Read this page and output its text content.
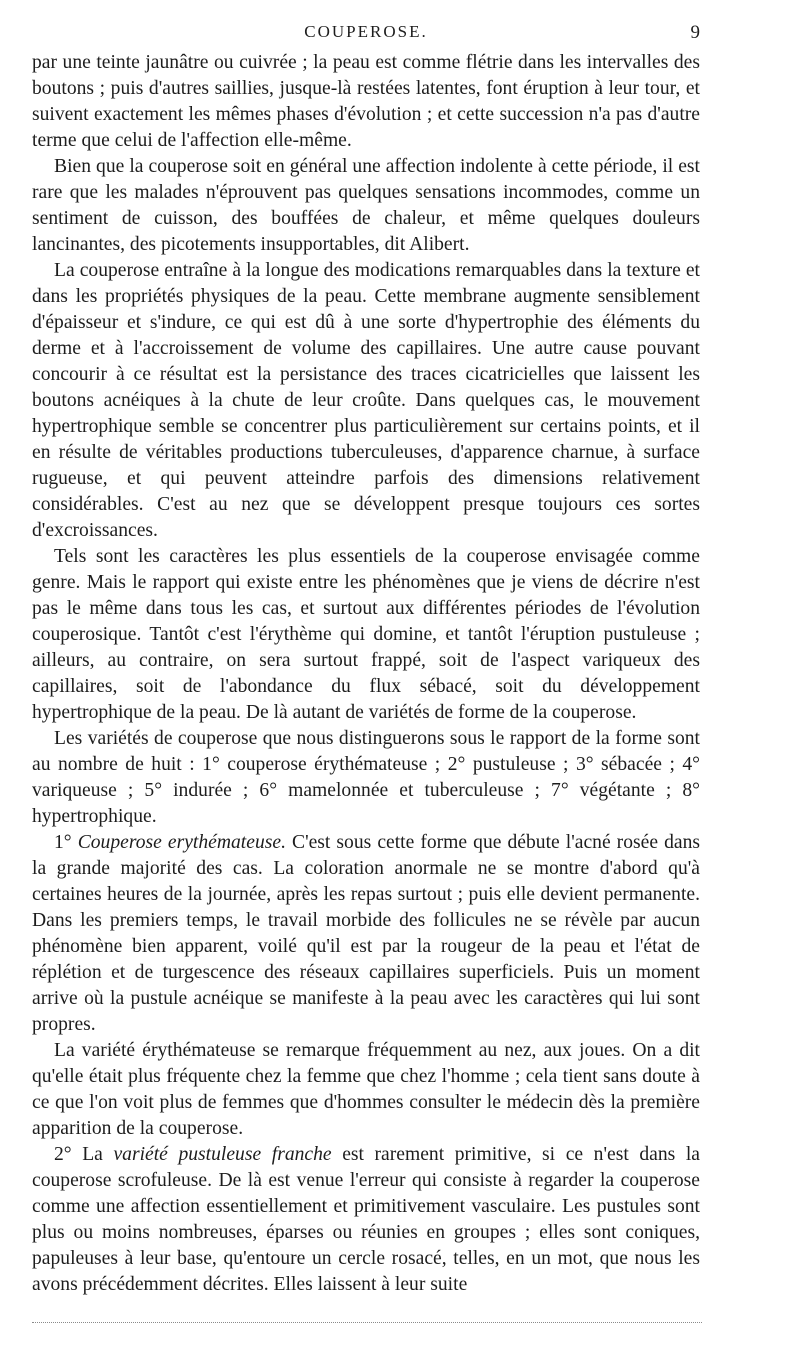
COUPEROSE.	9

par une teinte jaunâtre ou cuivrée ; la peau est comme flétrie dans les intervalles des boutons ; puis d'autres saillies, jusque-là restées latentes, font éruption à leur tour, et suivent exactement les mêmes phases d'évolution ; et cette succession n'a pas d'autre terme que celui de l'affection elle-même.

Bien que la couperose soit en général une affection indolente à cette période, il est rare que les malades n'éprouvent pas quelques sensations incommodes, comme un sentiment de cuisson, des bouffées de chaleur, et même quelques douleurs lancinantes, des picotements insupportables, dit Alibert.

La couperose entraîne à la longue des modications remarquables dans la texture et dans les propriétés physiques de la peau. Cette membrane augmente sensiblement d'épaisseur et s'indure, ce qui est dû à une sorte d'hypertrophie des éléments du derme et à l'accroissement de volume des capillaires. Une autre cause pouvant concourir à ce résultat est la persistance des traces cicatricielles que laissent les boutons acnéiques à la chute de leur croûte. Dans quelques cas, le mouvement hypertrophique semble se concentrer plus particulièrement sur certains points, et il en résulte de véritables productions tuberculeuses, d'apparence charnue, à surface rugueuse, et qui peuvent atteindre parfois des dimensions relativement considérables. C'est au nez que se développent presque toujours ces sortes d'excroissances.

Tels sont les caractères les plus essentiels de la couperose envisagée comme genre. Mais le rapport qui existe entre les phénomènes que je viens de décrire n'est pas le même dans tous les cas, et surtout aux différentes périodes de l'évolution couperosique. Tantôt c'est l'érythème qui domine, et tantôt l'éruption pustuleuse ; ailleurs, au contraire, on sera surtout frappé, soit de l'aspect variqueux des capillaires, soit de l'abondance du flux sébacé, soit du développement hypertrophique de la peau. De là autant de variétés de forme de la couperose.

Les variétés de couperose que nous distinguerons sous le rapport de la forme sont au nombre de huit : 1° couperose érythémateuse ; 2° pustuleuse ; 3° sébacée ; 4° variqueuse ; 5° indurée ; 6° mamelonnée et tuberculeuse ; 7° végétante ; 8° hypertrophique.

1° Couperose erythémateuse. C'est sous cette forme que débute l'acné rosée dans la grande majorité des cas. La coloration anormale ne se montre d'abord qu'à certaines heures de la journée, après les repas surtout ; puis elle devient permanente. Dans les premiers temps, le travail morbide des follicules ne se révèle par aucun phénomène bien apparent, voilé qu'il est par la rougeur de la peau et l'état de réplétion et de turgescence des réseaux capillaires superficiels. Puis un moment arrive où la pustule acnéique se manifeste à la peau avec les caractères qui lui sont propres.

La variété érythémateuse se remarque fréquemment au nez, aux joues. On a dit qu'elle était plus fréquente chez la femme que chez l'homme ; cela tient sans doute à ce que l'on voit plus de femmes que d'hommes consulter le médecin dès la première apparition de la couperose.

2° La variété pustuleuse franche est rarement primitive, si ce n'est dans la couperose scrofuleuse. De là est venue l'erreur qui consiste à regarder la couperose comme une affection essentiellement et primitivement vasculaire. Les pustules sont plus ou moins nombreuses, éparses ou réunies en groupes ; elles sont coniques, papuleuses à leur base, qu'entoure un cercle rosacé, telles, en un mot, que nous les avons précédemment décrites. Elles laissent à leur suite
